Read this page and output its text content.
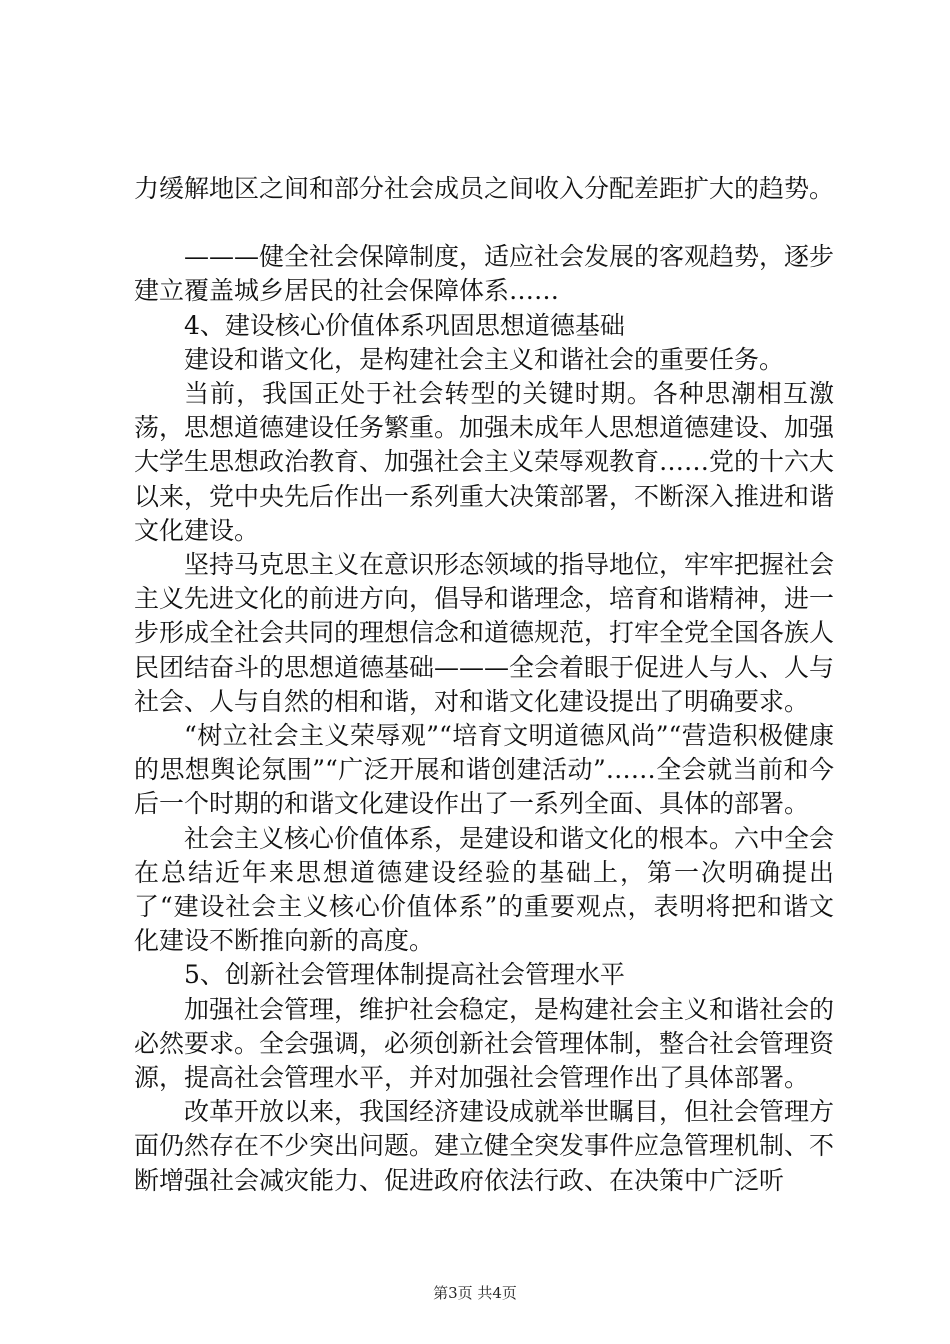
力缓解地区之间和部分社会成员之间收入分配差距扩大的趋势。

———健全社会保障制度，适应社会发展的客观趋势，逐步建立覆盖城乡居民的社会保障体系……

4、建设核心价值体系巩固思想道德基础

建设和谐文化，是构建社会主义和谐社会的重要任务。

当前，我国正处于社会转型的关键时期。各种思潮相互激荡，思想道德建设任务繁重。加强未成年人思想道德建设、加强大学生思想政治教育、加强社会主义荣辱观教育……党的十六大以来，党中央先后作出一系列重大决策部署，不断深入推进和谐文化建设。

坚持马克思主义在意识形态领域的指导地位，牢牢把握社会主义先进文化的前进方向，倡导和谐理念，培育和谐精神，进一步形成全社会共同的理想信念和道德规范，打牢全党全国各族人民团结奋斗的思想道德基础———全会着眼于促进人与人、人与社会、人与自然的相和谐，对和谐文化建设提出了明确要求。

“树立社会主义荣辱观”“培育文明道德风尚”“营造积极健康的思想舆论氛围”“广泛开展和谐创建活动”……全会就当前和今后一个时期的和谐文化建设作出了一系列全面、具体的部署。

社会主义核心价值体系，是建设和谐文化的根本。六中全会在总结近年来思想道德建设经验的基础上，第一次明确提出了“建设社会主义核心价值体系”的重要观点，表明将把和谐文化建设不断推向新的高度。

5、创新社会管理体制提高社会管理水平

加强社会管理，维护社会稳定，是构建社会主义和谐社会的必然要求。全会强调，必须创新社会管理体制，整合社会管理资源，提高社会管理水平，并对加强社会管理作出了具体部署。

改革开放以来，我国经济建设成就举世瞩目，但社会管理方面仍然存在不少突出问题。建立健全突发事件应急管理机制、不断增强社会减灾能力、促进政府依法行政、在决策中广泛听

第3页 共4页
